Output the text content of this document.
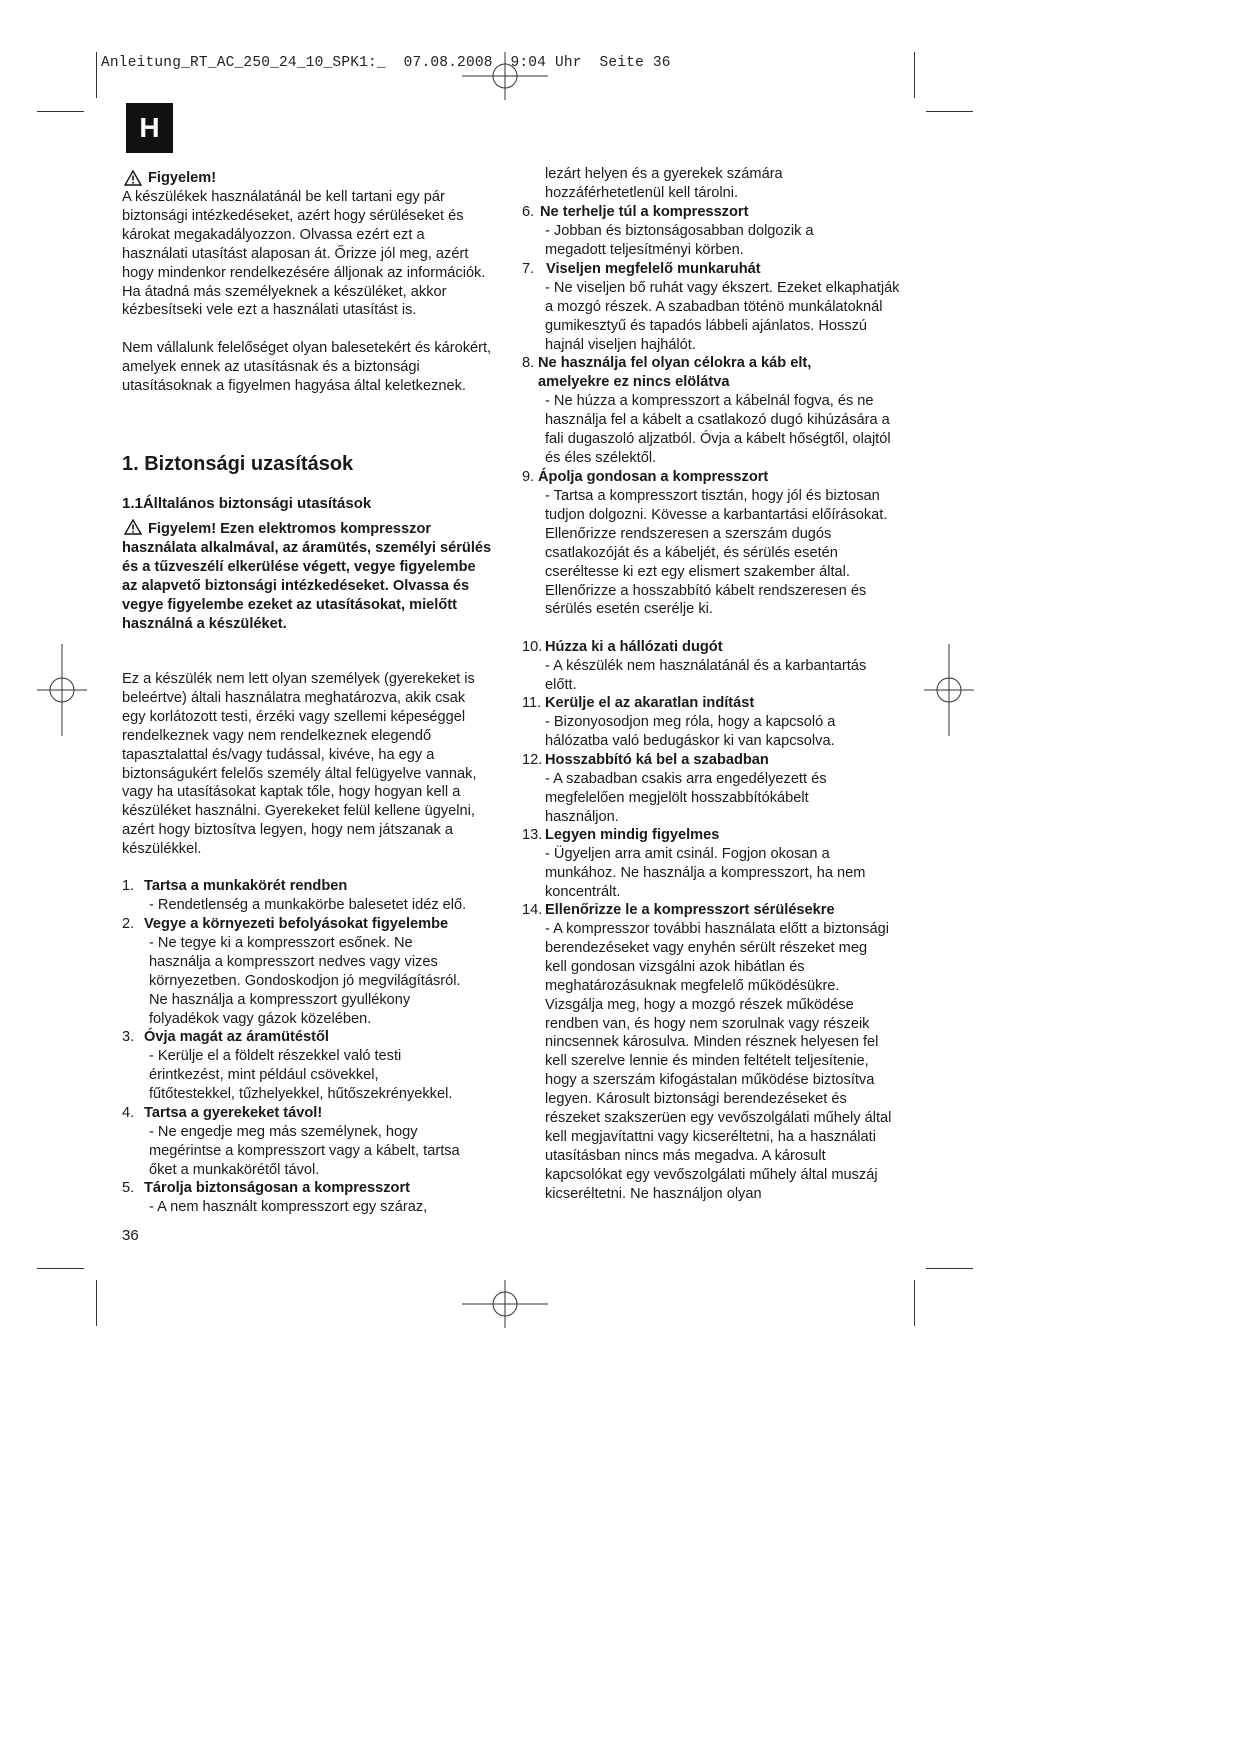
Anleitung_RT_AC_250_24_10_SPK1:_  07.08.2008  9:04 Uhr  Seite 36
H
Figyelem!

A készülékek használatánál be kell tartani egy pár biztonsági intézkedéseket, azért hogy sérüléseket és károkat megakadályozzon. Olvassa ezért ezt a használati utasítást alaposan át. Őrizze jól meg, azért hogy mindenkor rendelkezésére álljonak az információk. Ha átadná más személyeknek a készüléket, akkor kézbesítseki vele ezt a használati utasítást is.

Nem vállalunk felelőséget olyan balesetekért és károkért, amelyek ennek az utasításnak és a biztonsági utasításoknak a figyelmen hagyása által keletkeznek.

1. Biztonsági uzasítások
1.1Álltalános biztonsági utasítások
Figyelem! Ezen elektromos kompresszor használata alkalmával, az áramütés, személyi sérülés és a tűzveszélí elkerülése végett, vegye figyelembe az alapvető biztonsági intézkedéseket. Olvassa és vegye figyelembe ezeket az utasításokat, mielőtt használná a készüléket.

Ez a készülék nem lett olyan személyek (gyerekeket is beleértve) általi használatra meghatározva, akik csak egy korlátozott testi, érzéki vagy szellemi képeséggel rendelkeznek vagy nem rendelkeznek elegendő tapasztalattal és/vagy tudással, kivéve, ha egy a biztonságukért felelős személy által felügyelve vannak, vagy ha utasításokat kaptak tőle, hogy hogyan kell a készüléket használni. Gyerekeket felül kellene ügyelni, azért hogy biztosítva legyen, hogy nem játszanak a készülékkel.

1. Tartsa a munkakörét rendben
- Rendetlenség a munkakörbe balesetet idéz elő.
2. Vegye a környezeti befolyásokat figyelembe
- Ne tegye ki a kompresszort esőnek. Ne használja a kompresszort nedves vagy vizes környezetben. Gondoskodjon jó megvilágításról. Ne használja a kompresszort gyullékony folyadékok vagy gázok közelében.
3. Óvja magát az áramütéstől
- Kerülje el a földelt részekkel való testi érintkezést, mint például csövekkel, fűtőtestekkel, tűzhelyekkel, hűtőszekrényekkel.
4. Tartsa a gyerekeket távol!
- Ne engedje meg más személynek, hogy megérintse a kompresszort vagy a kábelt, tartsa őket a munkakörétől távol.
5. Tárolja biztonságosan a kompresszort
- A nem használt kompresszort egy száraz,
lezárt helyen és a gyerekek számára hozzáférhetetlenül kell tárolni.
6. Ne terhelje túl a kompresszort
- Jobban és biztonságosabban dolgozik a megadott teljesítményi körben.
7. Viseljen megfelelő munkaruhát
- Ne viseljen bő ruhát vagy ékszert. Ezeket elkaphatják a mozgó részek. A szabadban töténö munkálatoknál gumikesztyű és tapadós lábbeli ajánlatos. Hosszú hajnál viseljen hajhálót.
8. Ne használja fel olyan célokra a káb elt, amelyekre ez nincs elölátva
- Ne húzza a kompresszort a kábelnál fogva, és ne használja fel a kábelt a csatlakozó dugó kihúzására a fali dugaszoló aljzatból. Óvja a kábelt hőségtől, olajtól és éles szélektől.
9. Ápolja gondosan a kompresszort
- Tartsa a kompresszort tisztán, hogy jól és biztosan tudjon dolgozni. Kövesse a karbantartási előírásokat. Ellenőrizze rendszeresen a szerszám dugós csatlakozóját és a kábeljét, és sérülés esetén cseréltesse ki ezt egy elismert szakember által. Ellenőrizze a hosszabbító kábelt rendszeresen és sérülés esetén cserélje ki.
10. Húzza ki a hállózati dugót
- A készülék nem használatánál és a karbantartás előtt.
11. Kerülje el az akaratlan indítást
- Bizonyosodjon meg róla, hogy a kapcsoló a hálózatba való bedugáskor ki van kapcsolva.
12. Hosszabbító ká bel a szabadban
- A szabadban csakis arra engedélyezett és megfelelően megjelölt hosszabbítókábelt használjon.
13. Legyen mindig figyelmes
- Ügyeljen arra amit csinál. Fogjon okosan a munkához. Ne használja a kompresszort, ha nem koncentrált.
14. Ellenőrizze le a kompresszort sérülésekre
- A kompresszor további használata előtt a biztonsági berendezéseket vagy enyhén sérült részeket meg kell gondosan vizsgálni azok hibátlan és meghatározásuknak megfelelő működésükre. Vizsgálja meg, hogy a mozgó részek működése rendben van, és hogy nem szorulnak vagy részeik nincsennek károsulva. Minden résznek helyesen fel kell szerelve lennie és minden feltételt teljesítenie, hogy a szerszám kifogástalan működése biztosítva legyen. Károsult biztonsági berendezéseket és részeket szakszerüen egy vevőszolgálati műhely által kell megjavítattni vagy kicseréltetni, ha a használati utasításban nincs más megadva. A károsult kapcsolókat egy vevőszolgálati műhely által muszáj kicseréltetni. Ne használjon olyan
36
